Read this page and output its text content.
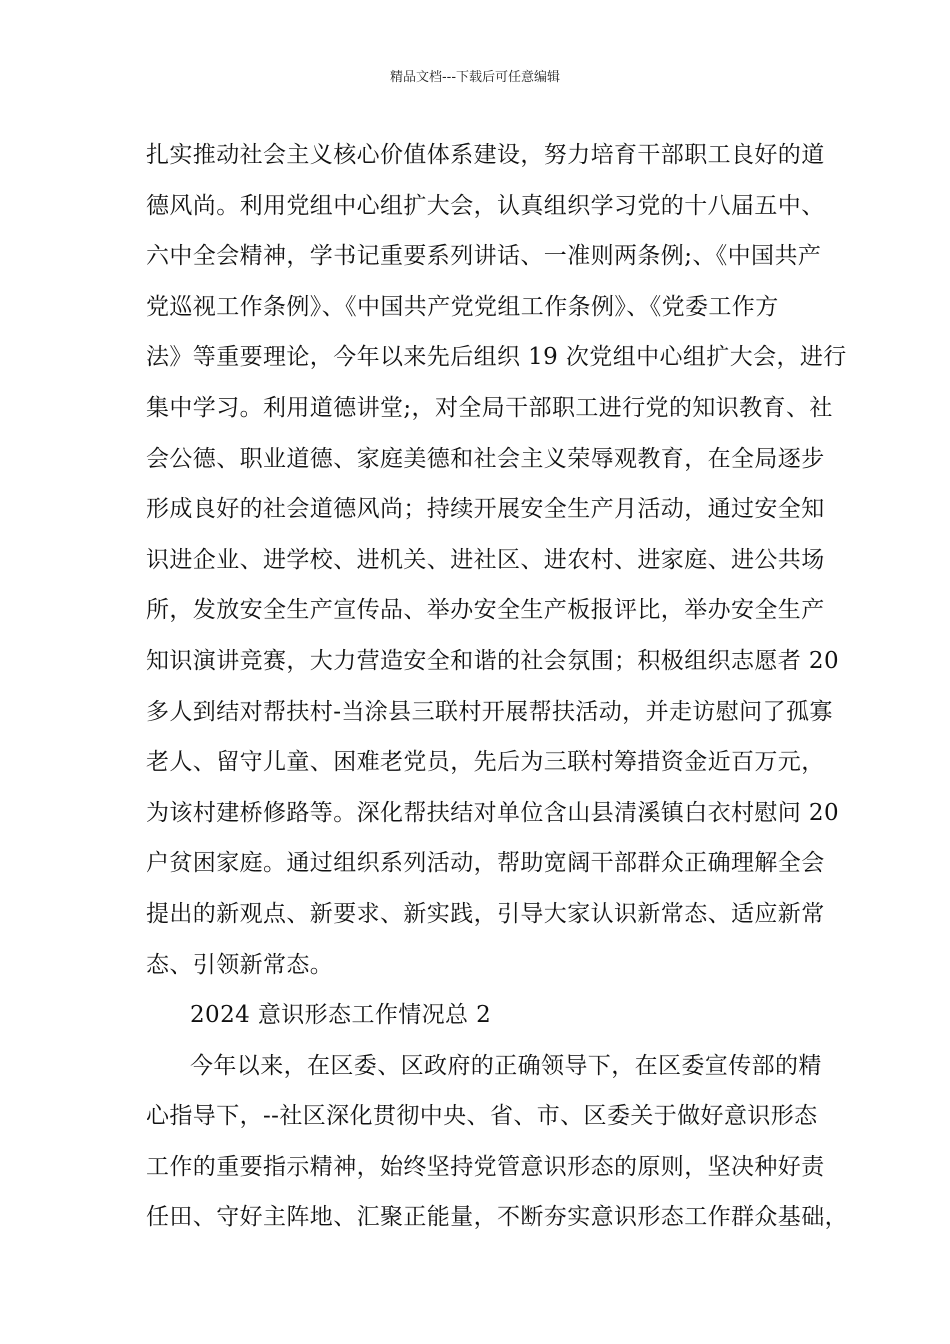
精品文档---下载后可任意编辑
扎实推动社会主义核心价值体系建设，努力培育干部职工良好的道
德风尚。利用党组中心组扩大会，认真组织学习党的十八届五中、
六中全会精神，学书记重要系列讲话、一准则两条例;、《中国共产
党巡视工作条例》、《中国共产党党组工作条例》、《党委工作方
法》等重要理论，今年以来先后组织 19 次党组中心组扩大会，进行
集中学习。利用道德讲堂;，对全局干部职工进行党的知识教育、社
会公德、职业道德、家庭美德和社会主义荣辱观教育，在全局逐步
形成良好的社会道德风尚；持续开展安全生产月活动，通过安全知
识进企业、进学校、进机关、进社区、进农村、进家庭、进公共场
所，发放安全生产宣传品、举办安全生产板报评比，举办安全生产
知识演讲竞赛，大力营造安全和谐的社会氛围；积极组织志愿者 20
多人到结对帮扶村-当涂县三联村开展帮扶活动，并走访慰问了孤寡
老人、留守儿童、困难老党员，先后为三联村筹措资金近百万元，
为该村建桥修路等。深化帮扶结对单位含山县清溪镇白衣村慰问 20
户贫困家庭。通过组织系列活动，帮助宽阔干部群众正确理解全会
提出的新观点、新要求、新实践，引导大家认识新常态、适应新常
态、引领新常态。
2024 意识形态工作情况总 2
今年以来，在区委、区政府的正确领导下，在区委宣传部的精
心指导下，--社区深化贯彻中央、省、市、区委关于做好意识形态
工作的重要指示精神，始终坚持党管意识形态的原则，坚决种好责
任田、守好主阵地、汇聚正能量，不断夯实意识形态工作群众基础，
